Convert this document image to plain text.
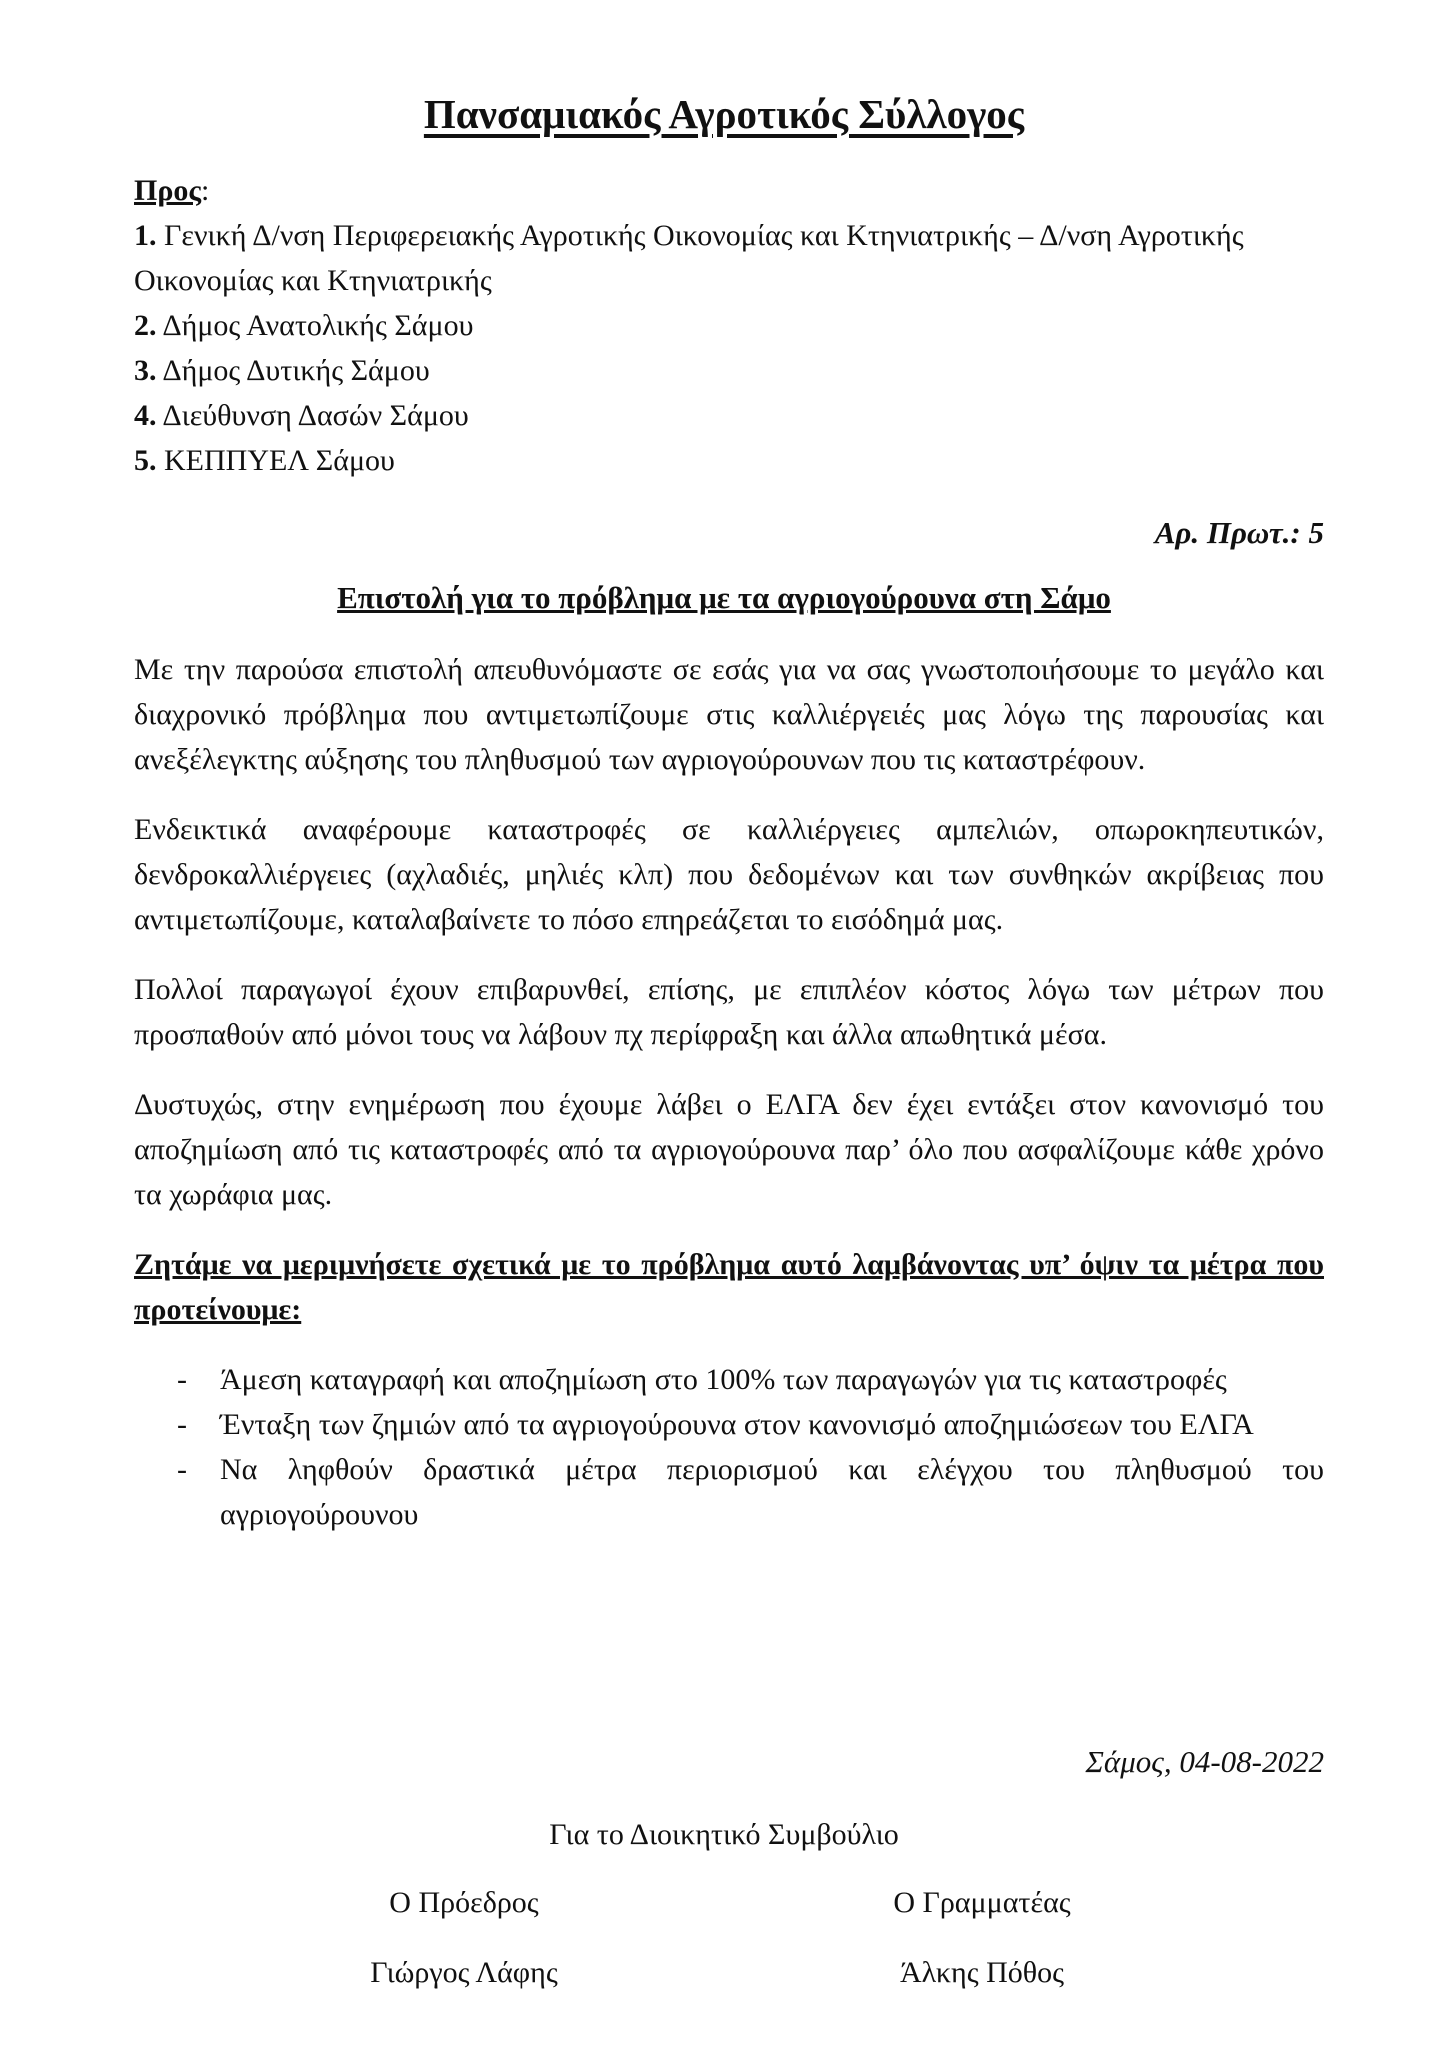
Πανσαμιακός Αγροτικός Σύλλογος
Προς:
1. Γενική Δ/νση Περιφερειακής Αγροτικής Οικονομίας και Κτηνιατρικής – Δ/νση Αγροτικής Οικονομίας και Κτηνιατρικής
2. Δήμος Ανατολικής Σάμου
3. Δήμος Δυτικής Σάμου
4. Διεύθυνση Δασών Σάμου
5. ΚΕΠΠΥΕΛ Σάμου
Αρ. Πρωτ.: 5
Επιστολή για το πρόβλημα με τα αγριογούρουνα στη Σάμο

Με την παρούσα επιστολή απευθυνόμαστε σε εσάς για να σας γνωστοποιήσουμε το μεγάλο και διαχρονικό πρόβλημα που αντιμετωπίζουμε στις καλλιέργειές μας λόγω της παρουσίας και ανεξέλεγκτης αύξησης του πληθυσμού των αγριογούρουνων που τις καταστρέφουν.

Ενδεικτικά αναφέρουμε καταστροφές σε καλλιέργειες αμπελιών, οπωροκηπευτικών, δενδροκαλλιέργειες (αχλαδιές, μηλιές κλπ) που δεδομένων και των συνθηκών ακρίβειας που αντιμετωπίζουμε, καταλαβαίνετε το πόσο επηρεάζεται το εισόδημά μας.

Πολλοί παραγωγοί έχουν επιβαρυνθεί, επίσης, με επιπλέον κόστος λόγω των μέτρων που προσπαθούν από μόνοι τους να λάβουν πχ περίφραξη και άλλα απωθητικά μέσα.

Δυστυχώς, στην ενημέρωση που έχουμε λάβει ο ΕΛΓΑ δεν έχει εντάξει στον κανονισμό του αποζημίωση από τις καταστροφές από τα αγριογούρουνα παρ’ όλο που ασφαλίζουμε κάθε χρόνο τα χωράφια μας.

Ζητάμε να μεριμνήσετε σχετικά με το πρόβλημα αυτό λαμβάνοντας υπ’ όψιν τα μέτρα που προτείνουμε:

- Άμεση καταγραφή και αποζημίωση στο 100% των παραγωγών για τις καταστροφές
- Ένταξη των ζημιών από τα αγριογούρουνα στον κανονισμό αποζημιώσεων του ΕΛΓΑ
- Να ληφθούν δραστικά μέτρα περιορισμού και ελέγχου του πληθυσμού του αγριογούρουνου
Σάμος, 04-08-2022
Για το Διοικητικό Συμβούλιο
Ο Πρόεδρος
Γιώργος Λάφης
Ο Γραμματέας
Άλκης Πόθος
